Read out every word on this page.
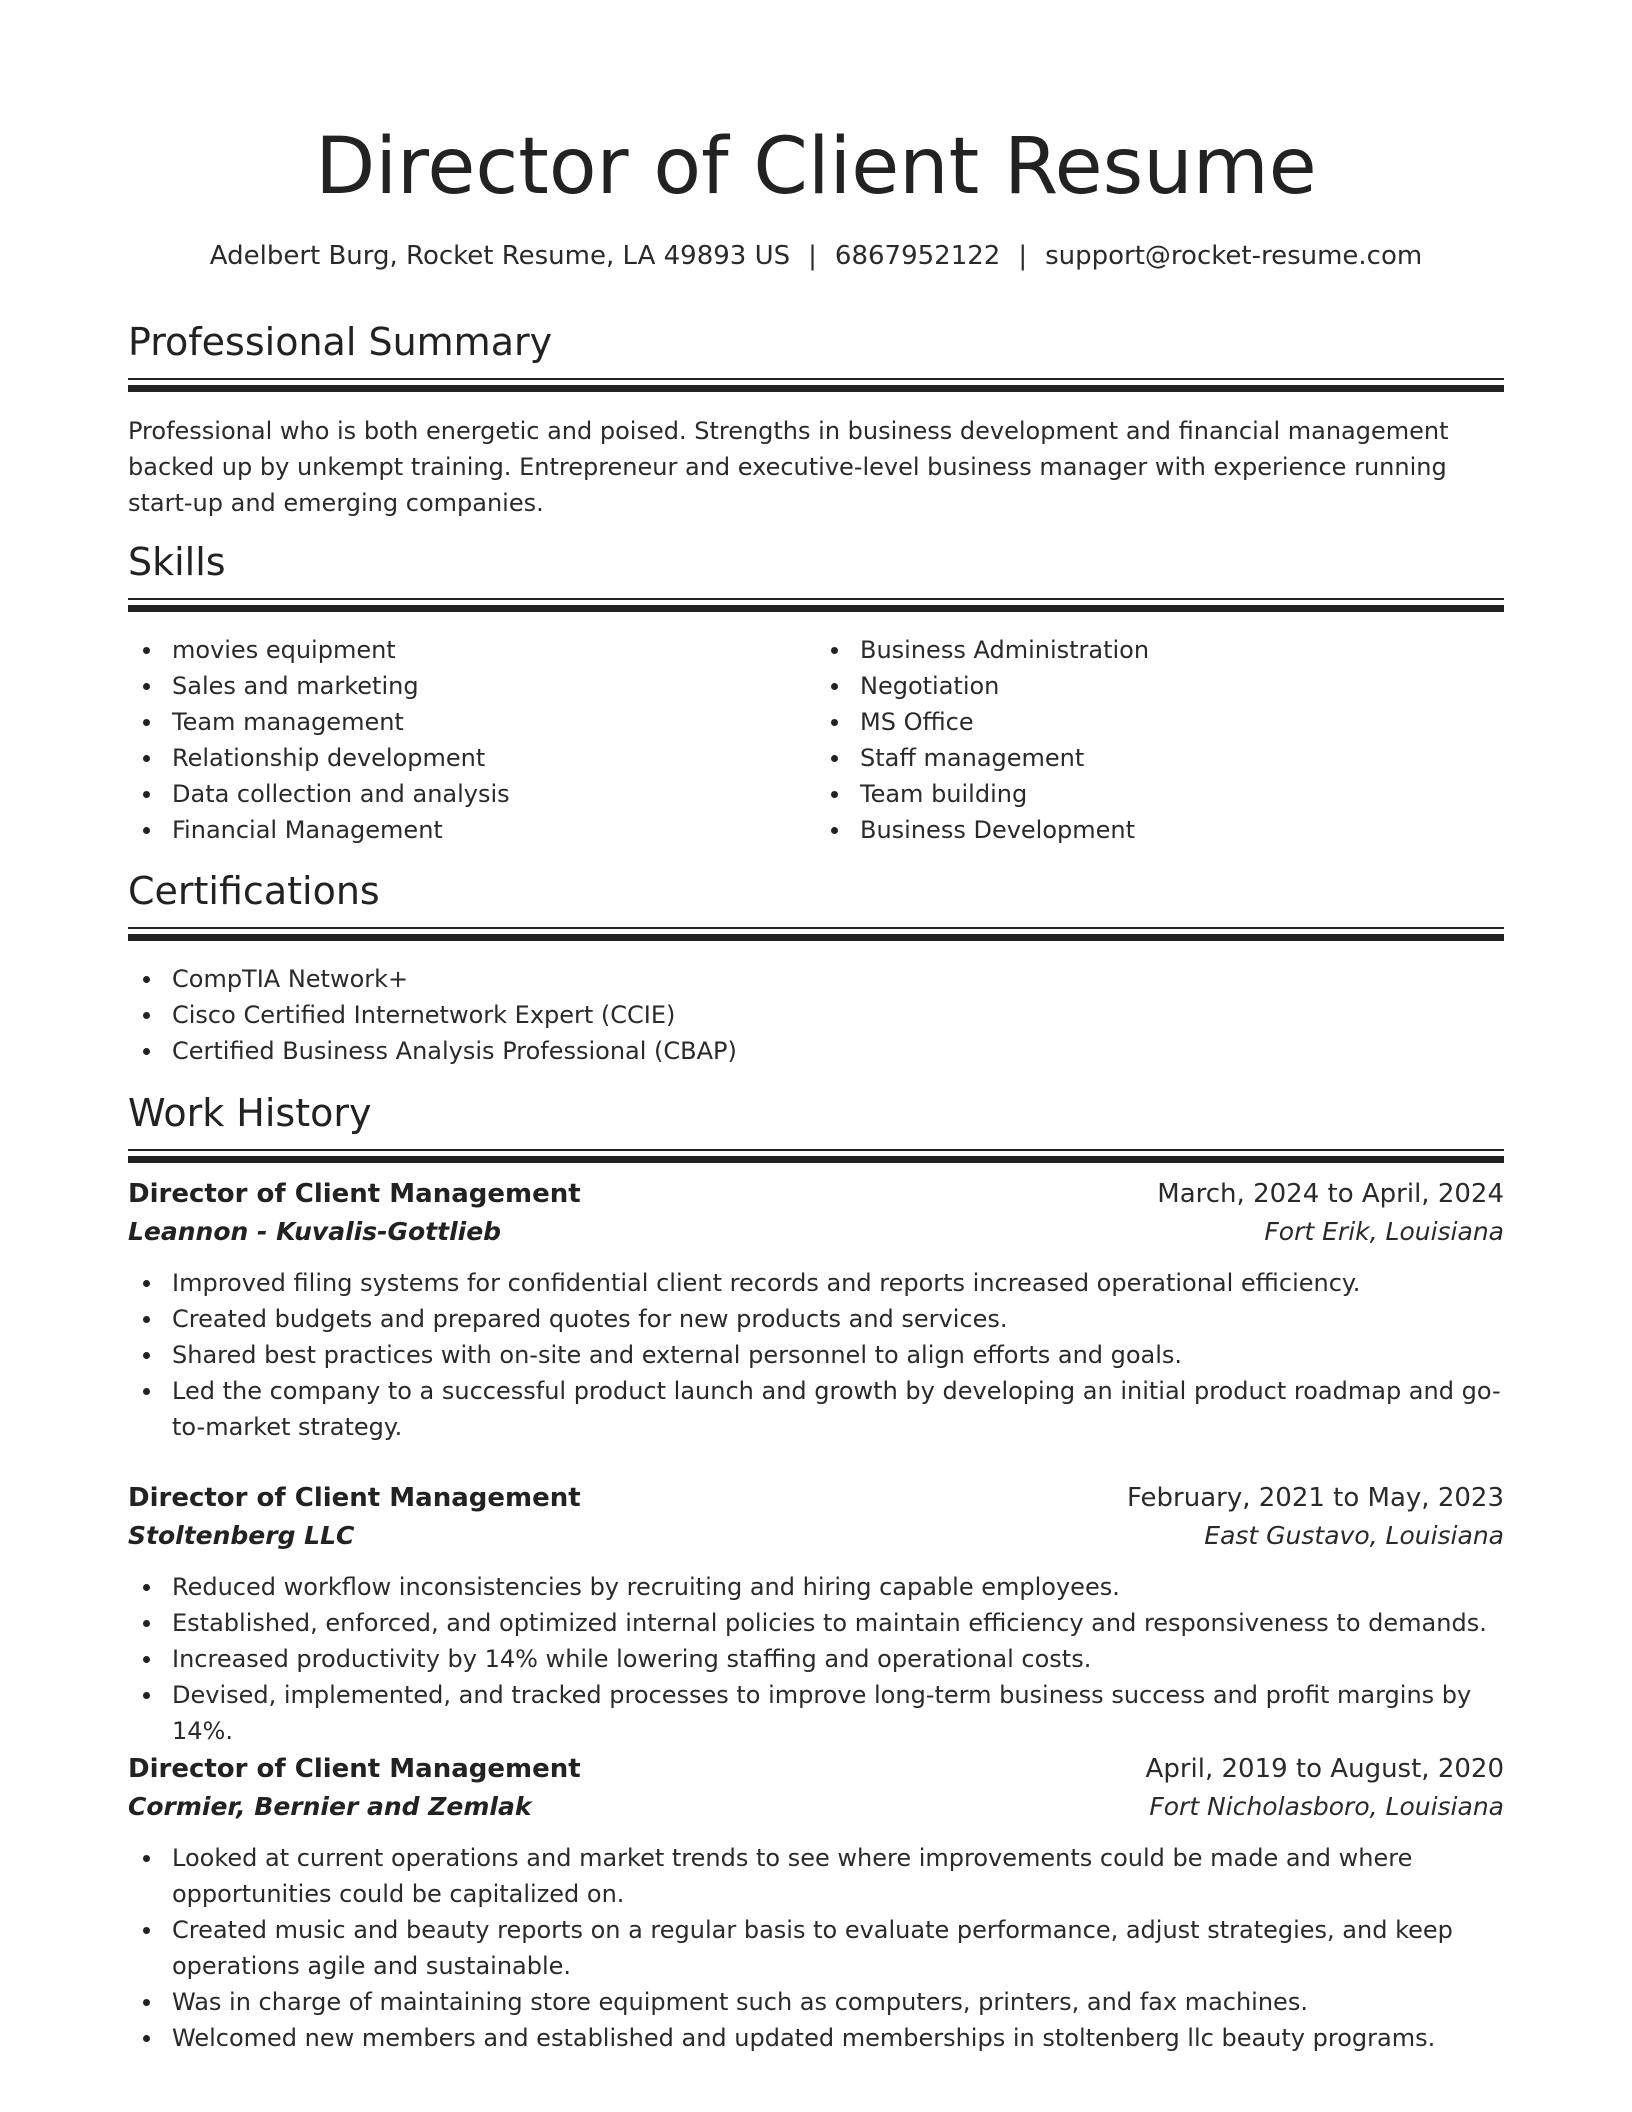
Director of Client Resume
Adelbert Burg, Rocket Resume, LA 49893 US | 6867952122 | support@rocket-resume.com
Professional Summary

Professional who is both energetic and poised. Strengths in business development and financial management backed up by unkempt training. Entrepreneur and executive-level business manager with experience running start-up and emerging companies.

Skills
movies equipment
Sales and marketing
Team management
Relationship development
Data collection and analysis
Financial Management
Business Administration
Negotiation
MS Office
Staff management
Team building
Business Development
Certifications
CompTIA Network+
Cisco Certified Internetwork Expert (CCIE)
Certified Business Analysis Professional (CBAP)
Work History
Director of Client Management	March, 2024 to April, 2024
Leannon - Kuvalis-Gottlieb	Fort Erik, Louisiana
Improved filing systems for confidential client records and reports increased operational efficiency.
Created budgets and prepared quotes for new products and services.
Shared best practices with on-site and external personnel to align efforts and goals.
Led the company to a successful product launch and growth by developing an initial product roadmap and go-to-market strategy.
Director of Client Management	February, 2021 to May, 2023
Stoltenberg LLC	East Gustavo, Louisiana
Reduced workflow inconsistencies by recruiting and hiring capable employees.
Established, enforced, and optimized internal policies to maintain efficiency and responsiveness to demands.
Increased productivity by 14% while lowering staffing and operational costs.
Devised, implemented, and tracked processes to improve long-term business success and profit margins by 14%.
Director of Client Management	April, 2019 to August, 2020
Cormier, Bernier and Zemlak	Fort Nicholasboro, Louisiana
Looked at current operations and market trends to see where improvements could be made and where opportunities could be capitalized on.
Created music and beauty reports on a regular basis to evaluate performance, adjust strategies, and keep operations agile and sustainable.
Was in charge of maintaining store equipment such as computers, printers, and fax machines.
Welcomed new members and established and updated memberships in stoltenberg llc beauty programs.
